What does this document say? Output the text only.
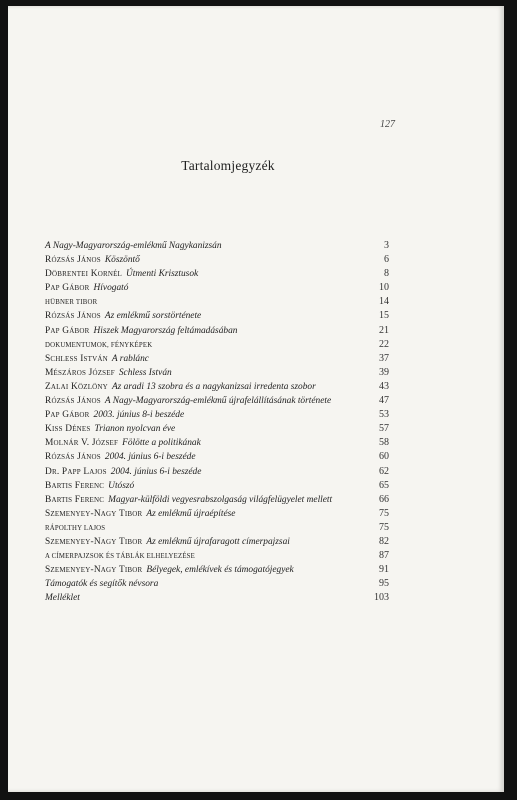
127
Tartalomjegyzék
A Nagy-Magyarország-emlékmű Nagykanizsán	3
Rózsás János Köszöntő	6
Döbrentei Kornél Útmenti Krisztusok	8
Pap Gábor Hívogató	10
HÜBNER TIBOR	14
Rózsás János Az emlékmű sorstörténete	15
Pap Gábor Hiszek Magyarország feltámadásában	21
DOKUMENTUMOK, FÉNYKÉPEK	22
Schless István A rablánc	37
Mészáros József Schless István	39
Zalai Közlöny Az aradi 13 szobra és a nagykanizsai irredenta szobor	43
Rózsás János A Nagy-Magyarország-emlékmű újrafelállításának története	47
Pap Gábor 2003. június 8-i beszéde	53
Kiss Dénes Trianon nyolcvan éve	57
Molnár V. József Fölötte a politikának	58
Rózsás János 2004. június 6-i beszéde	60
Dr. Papp Lajos 2004. június 6-i beszéde	62
Bartis Ferenc Utószó	65
Bartis Ferenc Magyar-külföldi vegyesrabszolgaság világfelügyelet mellett	66
Szemenyey-Nagy Tibor Az emlékmű újraépítése	75
RÁPOLTHY LAJOS	75
Szemenyey-Nagy Tibor Az emlékmű újrafaragott címerpajzsai	82
A CÍMERPAJZSOK ÉS TÁBLÁK ELHELYEZÉSE	87
Szemenyey-Nagy Tibor Bélyegek, emlékívek és támogatójegyek	91
Támogatók és segítők névsora	95
Melléklet	103
